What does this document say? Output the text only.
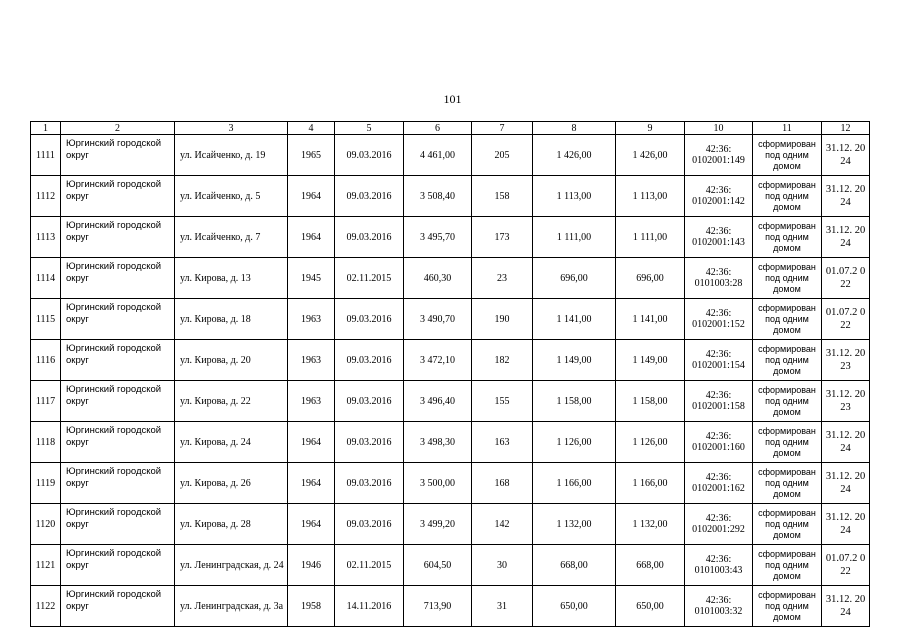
101
1	2	3	4	5	6	7	8	9	10	11	12
1111	Юргинский городской округ	ул. Исайченко, д. 19	1965	09.03.2016	4 461,00	205	1 426,00	1 426,00	42:36: 0102001:149	сформирован под одним домом	31.12. 2024
1112	Юргинский городской округ	ул. Исайченко, д. 5	1964	09.03.2016	3 508,40	158	1 113,00	1 113,00	42:36: 0102001:142	сформирован под одним домом	31.12. 2024
1113	Юргинский городской округ	ул. Исайченко, д. 7	1964	09.03.2016	3 495,70	173	1 111,00	1 111,00	42:36: 0102001:143	сформирован под одним домом	31.12. 2024
1114	Юргинский городской округ	ул. Кирова, д. 13	1945	02.11.2015	460,30	23	696,00	696,00	42:36: 0101003:28	сформирован под одним домом	01.07.2 022
1115	Юргинский городской округ	ул. Кирова, д. 18	1963	09.03.2016	3 490,70	190	1 141,00	1 141,00	42:36: 0102001:152	сформирован под одним домом	01.07.2 022
1116	Юргинский городской округ	ул. Кирова, д. 20	1963	09.03.2016	3 472,10	182	1 149,00	1 149,00	42:36: 0102001:154	сформирован под одним домом	31.12. 2023
1117	Юргинский городской округ	ул. Кирова, д. 22	1963	09.03.2016	3 496,40	155	1 158,00	1 158,00	42:36: 0102001:158	сформирован под одним домом	31.12. 2023
1118	Юргинский городской округ	ул. Кирова, д. 24	1964	09.03.2016	3 498,30	163	1 126,00	1 126,00	42:36: 0102001:160	сформирован под одним домом	31.12. 2024
1119	Юргинский городской округ	ул. Кирова, д. 26	1964	09.03.2016	3 500,00	168	1 166,00	1 166,00	42:36: 0102001:162	сформирован под одним домом	31.12. 2024
1120	Юргинский городской округ	ул. Кирова, д. 28	1964	09.03.2016	3 499,20	142	1 132,00	1 132,00	42:36: 0102001:292	сформирован под одним домом	31.12. 2024
1121	Юргинский городской округ	ул. Ленинградская, д. 24	1946	02.11.2015	604,50	30	668,00	668,00	42:36: 0101003:43	сформирован под одним домом	01.07.2 022
1122	Юргинский городской округ	ул. Ленинградская, д. 3а	1958	14.11.2016	713,90	31	650,00	650,00	42:36: 0101003:32	сформирован под одним домом	31.12. 2024
